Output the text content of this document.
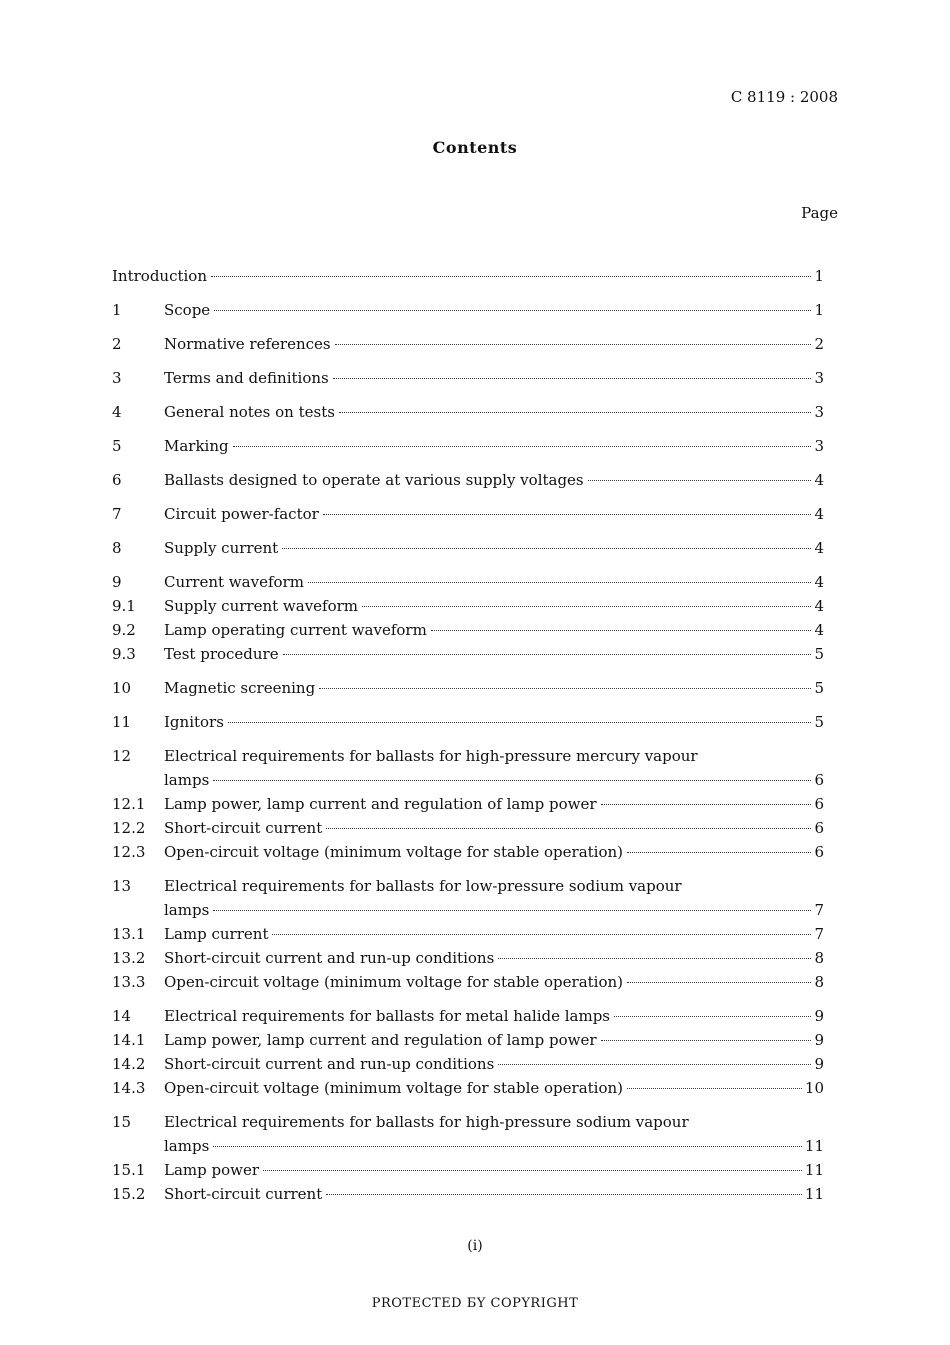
C 8119 : 2008
Contents
Page
Introduction	1
1	Scope	1
2	Normative references	2
3	Terms and definitions	3
4	General notes on tests	3
5	Marking	3
6	Ballasts designed to operate at various supply voltages	4
7	Circuit power-factor	4
8	Supply current	4
9	Current waveform	4
9.1 Supply current waveform	4
9.2 Lamp operating current waveform	4
9.3 Test procedure	5
10 Magnetic screening	5
11 Ignitors	5
12 Electrical requirements for ballasts for high-pressure mercury vapour
lamps	6
12.1 Lamp power, lamp current and regulation of lamp power	6
12.2 Short-circuit current	6
12.3 Open-circuit voltage (minimum voltage for stable operation)	6
13 Electrical requirements for ballasts for low-pressure sodium vapour
lamps	7
13.1 Lamp current	7
13.2 Short-circuit current and run-up conditions	8
13.3 Open-circuit voltage (minimum voltage for stable operation)	8
14 Electrical requirements for ballasts for metal halide lamps	9
14.1 Lamp power, lamp current and regulation of lamp power	9
14.2 Short-circuit current and run-up conditions	9
14.3 Open-circuit voltage (minimum voltage for stable operation)	10
15 Electrical requirements for ballasts for high-pressure sodium vapour
lamps	11
15.1 Lamp power	11
15.2 Short-circuit current	11
(i)
PROTECTED БY COPYRIGHT
